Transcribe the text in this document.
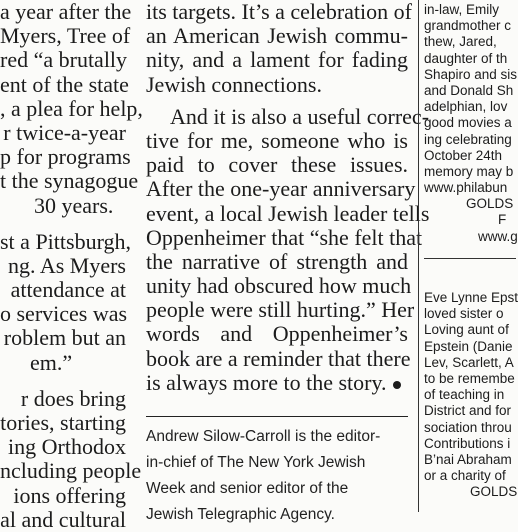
a year after the
Myers, Tree of
red “a brutally
ent of the state
, a plea for help,
r twice-a-year
p for programs
t the synagogue
30 years.
st a Pittsburgh,
ng. As Myers
attendance at
o services was
roblem but an
em.”
r does bring
tories, starting
ing Orthodox
ncluding people
ions offering
al and cultural
its targets. It’s a celebration of
an American Jewish commu-
nity, and a lament for fading
Jewish connections.
And it is also a useful correc-
tive for me, someone who is
paid to cover these issues.
After the one-year anniversary
event, a local Jewish leader tells
Oppenheimer that “she felt that
the narrative of strength and
unity had obscured how much
people were still hurting.” Her
words and Oppenheimer’s
book are a reminder that there
is always more to the story.
Andrew Silow-Carroll is the editor-
in-chief of The New York Jewish
Week and senior editor of the
Jewish Telegraphic Agency.
in-law, Emily
grandmother c
thew, Jared,
daughter of th
Shapiro and sis
and Donald Sh
adelphian, lov
good movies a
ing celebrating
October 24th
memory may b
www.philabun
GOLDS
F
www.g
Eve Lynne Epst
loved sister o
Loving aunt of
Epstein (Danie
Lev, Scarlett, A
to be remembe
of teaching in
District and for
sociation throu
Contributions i
B’nai Abraham
or a charity of
GOLDS
